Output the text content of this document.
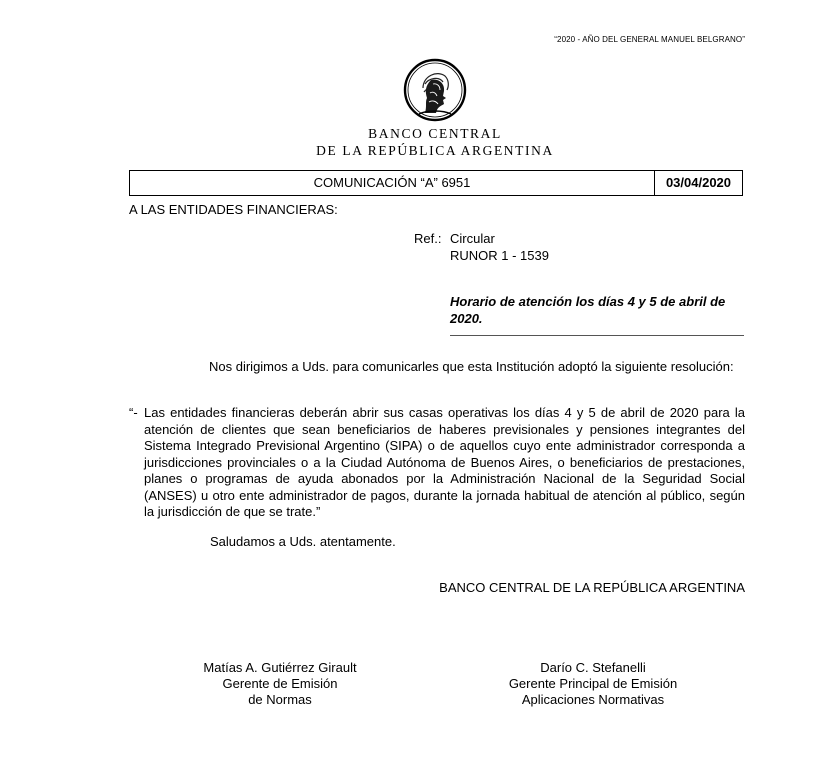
“2020 - AÑO DEL GENERAL MANUEL BELGRANO”
BANCO CENTRAL
DE LA REPÚBLICA ARGENTINA
COMUNICACIÓN “A” 6951	03/04/2020
A LAS ENTIDADES FINANCIERAS:
Ref.: Circular
RUNOR 1 - 1539
Horario de atención los días 4 y 5 de abril de 2020.
Nos dirigimos a Uds. para comunicarles que esta Institución adoptó la siguiente resolución:
“- Las entidades financieras deberán abrir sus casas operativas los días 4 y 5 de abril de 2020 para la atención de clientes que sean beneficiarios de haberes previsionales y pensiones integrantes del Sistema Integrado Previsional Argentino (SIPA) o de aquellos cuyo ente administrador corresponda a jurisdicciones provinciales o a la Ciudad Autónoma de Buenos Aires, o beneficiarios de prestaciones, planes o programas de ayuda abonados por la Administración Nacional de la Seguridad Social (ANSES) u otro ente administrador de pagos, durante la jornada habitual de atención al público, según la jurisdicción de que se trate.”
Saludamos a Uds. atentamente.
BANCO CENTRAL DE LA REPÚBLICA ARGENTINA
Matías A. Gutiérrez Girault
Gerente de Emisión
de Normas
Darío C. Stefanelli
Gerente Principal de Emisión
Aplicaciones Normativas
